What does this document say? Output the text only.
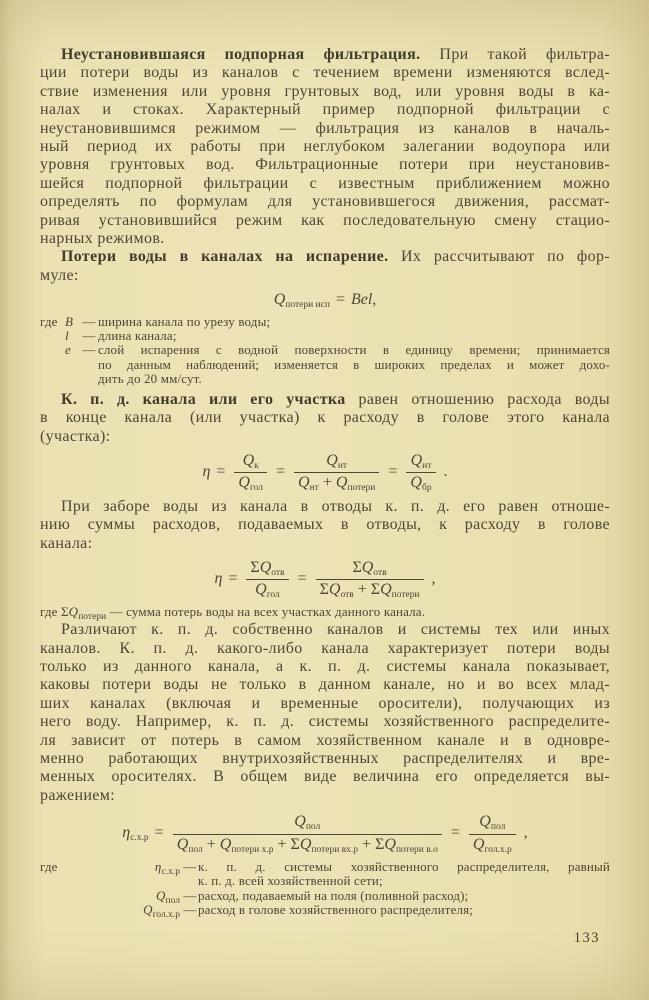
Неустановившаяся подпорная фильтрация. При такой фильтра-
ции потери воды из каналов с течением времени изменяются вслед-
ствие изменения или уровня грунтовых вод, или уровня воды в ка-
налах и стоках. Характерный пример подпорной фильтрации с
неустановившимся режимом — фильтрация из каналов в началь-
ный период их работы при неглубоком залегании водоупора или
уровня грунтовых вод. Фильтрационные потери при неустановив-
шейся подпорной фильтрации с известным приближением можно
определять по формулам для установившегося движения, рассмат-
ривая установившийся режим как последовательную смену стацио-
нарных режимов.
Потери воды в каналах на испарение. Их рассчитывают по фор-
муле:
$Q_{потери исп}$ = Bel ,
где B — ширина канала по урезу воды;
l	— длина канала;
e — слой испарения с водной поверхности в единицу времени; принимается
по данным наблюдений; изменяется в широких пределах и может дохо-
дить до 20 мм/сут.
К. п. д. канала или его участка равен отношению расхода воды
в конце канала (или участка) к расходу в голове этого канала
(участка):
$\eta = \frac{Q_к}{Q_{гол}} = \frac{Q_{нт}}{Q_{нт} + Q_{потери}} = \frac{Q_{нт}}{Q_{бр}}$ .
При заборе воды из канала в отводы к. п. д. его равен отноше-
нию суммы расходов, подаваемых в отводы, к расходу в голове
канала:
$\eta = \frac{\Sigma Q_{отв}}{Q_{гол}} = \frac{\Sigma Q_{отв}}{\Sigma Q_{отв} + \Sigma Q_{потери}}$ ,
где $\Sigma Q_{потери}$ — сумма потерь воды на всех участках данного канала.
Различают к. п. д. собственно каналов и системы тех или иных
каналов. К. п. д. какого-либо канала характеризует потери воды
только из данного канала, а к. п. д. системы канала показывает,
каковы потери воды не только в данном канале, но и во всех млад-
ших каналах (включая и временные оросители), получающих из
него воду. Например, к. п. д. системы хозяйственного распределите-
ля зависит от потерь в самом хозяйственном канале и в одновре-
менно работающих внутрихозяйственных распределителях и вре-
менных оросителях. В общем виде величина его определяется вы-
ражением:
$\eta_{с.х.р} = \frac{Q_{пол}}{Q_{пол} + Q_{потери х.р} + \Sigma Q_{потери вх.р} + \Sigma Q_{потери в.о}} = \frac{Q_{пол}}{Q_{гол.х.р}}$ ,
где	$\eta_{с.х.р}$ — к. п. д. системы хозяйственного распределителя, равный
к. п. д. всей хозяйственной сети;
$Q_{пол}$ — расход, подаваемый на поля (поливной расход);
$Q_{гол.х.р}$ — расход в голове хозяйственного распределителя;
133
